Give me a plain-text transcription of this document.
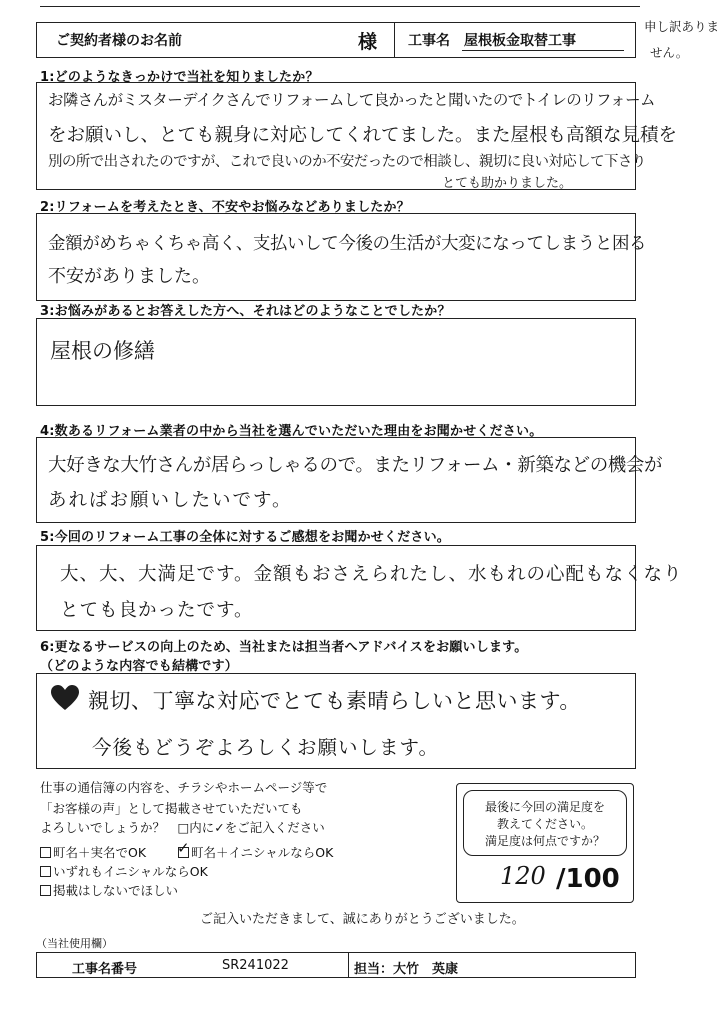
ご契約者様のお名前	様 工事名 屋根板金取替工事
申し訳ありま
せん。
1:どのようなきっかけで当社を知りましたか？
お隣さんがミスターデイクさんでリフォームして良かったと聞いたのでトイレのリフォーム
をお願いし、とても親身に対応してくれてました。また屋根も高額な見積を
別の所で出されたのですが、これで良いのか不安だったので相談し、親切に良い対応して下さり
とても助かりました。
2:リフォームを考えたとき、不安やお悩みなどありましたか？
金額がめちゃくちゃ高く、支払いして今後の生活が大変になってしまうと困る
不安がありました。
3:お悩みがあるとお答えした方へ、それはどのようなことでしたか？
屋根の修繕
4:数あるリフォーム業者の中から当社を選んでいただいた理由をお聞かせください。
大好きな大竹さんが居らっしゃるので。またリフォーム・新築などの機会が
あればお願いしたいです。
5:今回のリフォーム工事の全体に対するご感想をお聞かせください。
大、大、大満足です。金額もおさえられたし、水もれの心配もなくなり
とても良かったです。
6:更なるサービスの向上のため、当社または担当者へアドバイスをお願いします。
（どのような内容でも結構です）
親切、丁寧な対応でとても素晴らしいと思います。
今後もどうぞよろしくお願いします。
仕事の通信簿の内容を、チラシやホームページ等で
「お客様の声」として掲載させていただいても
よろしいでしょうか？　□内に✓をご記入ください
町名＋実名でOK
✓	町名＋イニシャルならOK
いずれもイニシャルならOK
掲載はしないでほしい
最後に今回の満足度を
教えてください。
満足度は何点ですか？
120 /100
ご記入いただきまして、誠にありがとうございました。
（当社使用欄）
工事名番号	SR241022	担当：大竹　英康
